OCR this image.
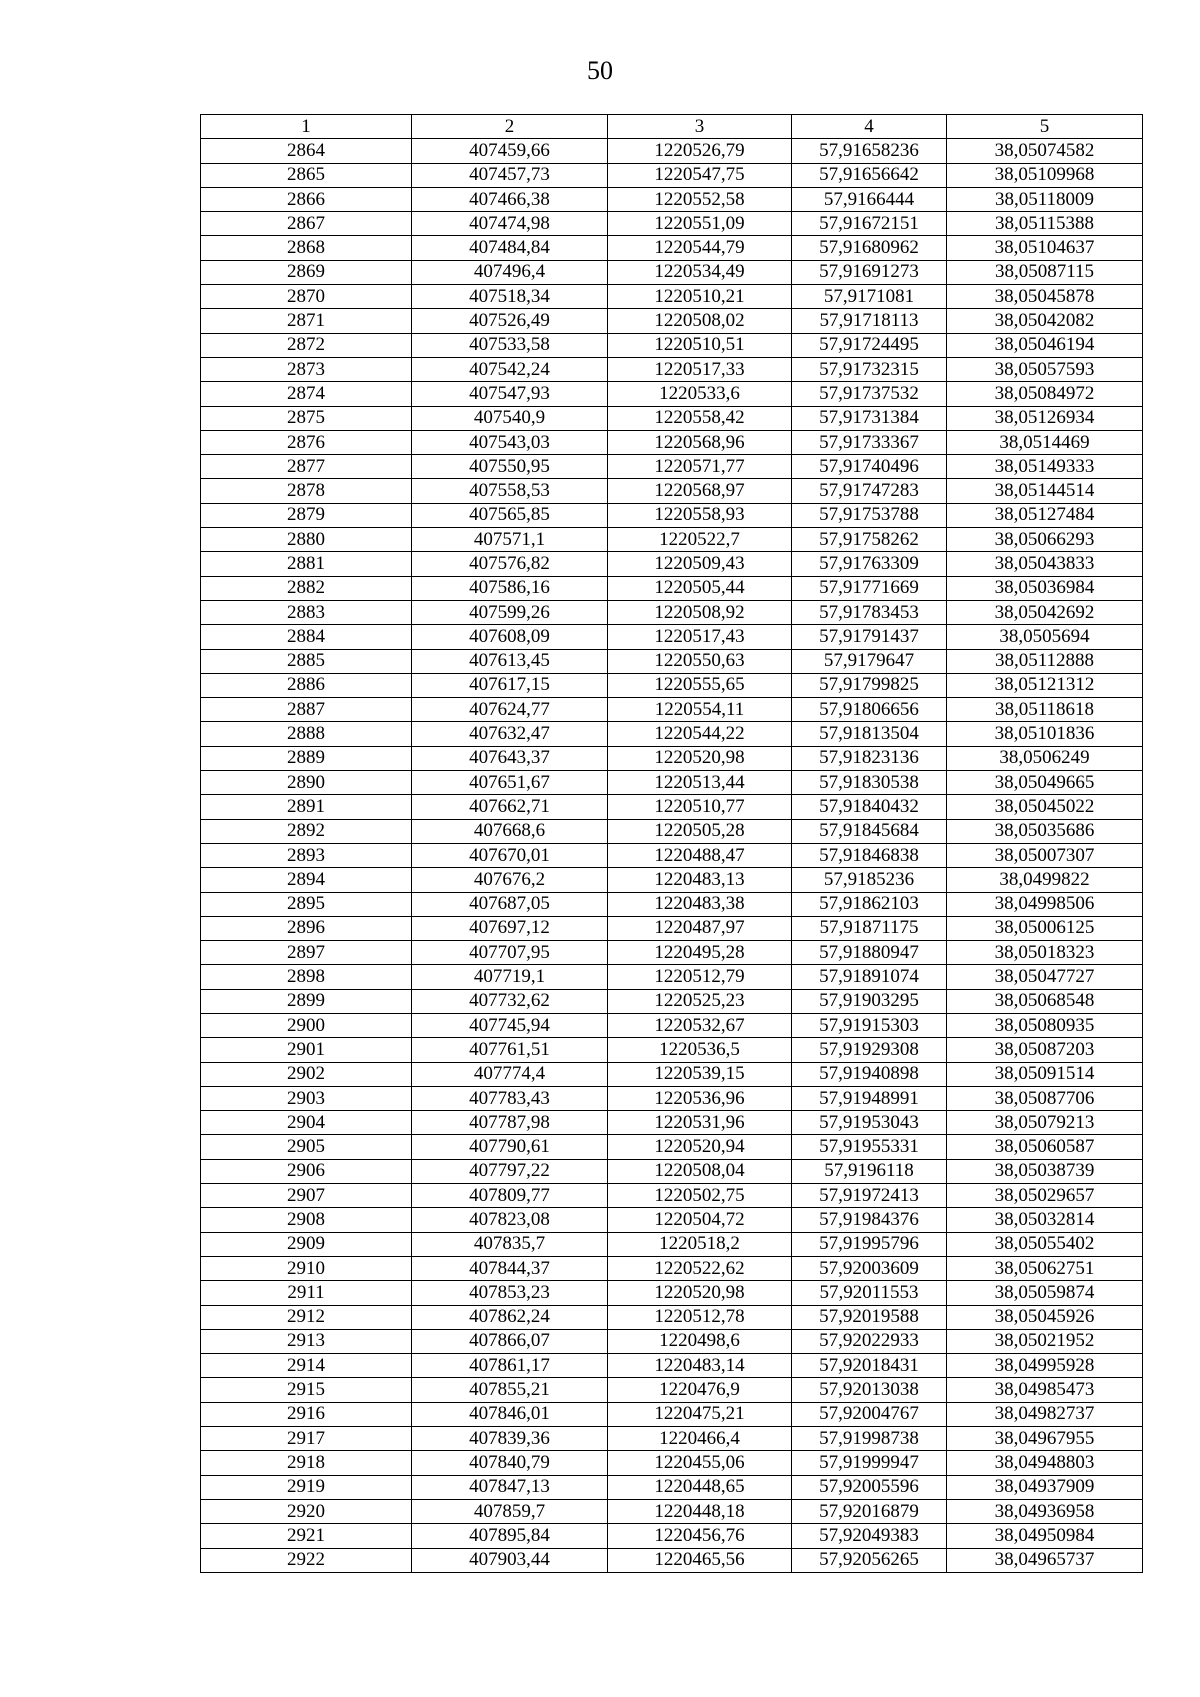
50
1	2	3	4	5
2864	407459,66	1220526,79	57,91658236	38,05074582
2865	407457,73	1220547,75	57,91656642	38,05109968
2866	407466,38	1220552,58	57,9166444	38,05118009
2867	407474,98	1220551,09	57,91672151	38,05115388
2868	407484,84	1220544,79	57,91680962	38,05104637
2869	407496,4	1220534,49	57,91691273	38,05087115
2870	407518,34	1220510,21	57,9171081	38,05045878
2871	407526,49	1220508,02	57,91718113	38,05042082
2872	407533,58	1220510,51	57,91724495	38,05046194
2873	407542,24	1220517,33	57,91732315	38,05057593
2874	407547,93	1220533,6	57,91737532	38,05084972
2875	407540,9	1220558,42	57,91731384	38,05126934
2876	407543,03	1220568,96	57,91733367	38,0514469
2877	407550,95	1220571,77	57,91740496	38,05149333
2878	407558,53	1220568,97	57,91747283	38,05144514
2879	407565,85	1220558,93	57,91753788	38,05127484
2880	407571,1	1220522,7	57,91758262	38,05066293
2881	407576,82	1220509,43	57,91763309	38,05043833
2882	407586,16	1220505,44	57,91771669	38,05036984
2883	407599,26	1220508,92	57,91783453	38,05042692
2884	407608,09	1220517,43	57,91791437	38,0505694
2885	407613,45	1220550,63	57,9179647	38,05112888
2886	407617,15	1220555,65	57,91799825	38,05121312
2887	407624,77	1220554,11	57,91806656	38,05118618
2888	407632,47	1220544,22	57,91813504	38,05101836
2889	407643,37	1220520,98	57,91823136	38,0506249
2890	407651,67	1220513,44	57,91830538	38,05049665
2891	407662,71	1220510,77	57,91840432	38,05045022
2892	407668,6	1220505,28	57,91845684	38,05035686
2893	407670,01	1220488,47	57,91846838	38,05007307
2894	407676,2	1220483,13	57,9185236	38,0499822
2895	407687,05	1220483,38	57,91862103	38,04998506
2896	407697,12	1220487,97	57,91871175	38,05006125
2897	407707,95	1220495,28	57,91880947	38,05018323
2898	407719,1	1220512,79	57,91891074	38,05047727
2899	407732,62	1220525,23	57,91903295	38,05068548
2900	407745,94	1220532,67	57,91915303	38,05080935
2901	407761,51	1220536,5	57,91929308	38,05087203
2902	407774,4	1220539,15	57,91940898	38,05091514
2903	407783,43	1220536,96	57,91948991	38,05087706
2904	407787,98	1220531,96	57,91953043	38,05079213
2905	407790,61	1220520,94	57,91955331	38,05060587
2906	407797,22	1220508,04	57,9196118	38,05038739
2907	407809,77	1220502,75	57,91972413	38,05029657
2908	407823,08	1220504,72	57,91984376	38,05032814
2909	407835,7	1220518,2	57,91995796	38,05055402
2910	407844,37	1220522,62	57,92003609	38,05062751
2911	407853,23	1220520,98	57,92011553	38,05059874
2912	407862,24	1220512,78	57,92019588	38,05045926
2913	407866,07	1220498,6	57,92022933	38,05021952
2914	407861,17	1220483,14	57,92018431	38,04995928
2915	407855,21	1220476,9	57,92013038	38,04985473
2916	407846,01	1220475,21	57,92004767	38,04982737
2917	407839,36	1220466,4	57,91998738	38,04967955
2918	407840,79	1220455,06	57,91999947	38,04948803
2919	407847,13	1220448,65	57,92005596	38,04937909
2920	407859,7	1220448,18	57,92016879	38,04936958
2921	407895,84	1220456,76	57,92049383	38,04950984
2922	407903,44	1220465,56	57,92056265	38,04965737
